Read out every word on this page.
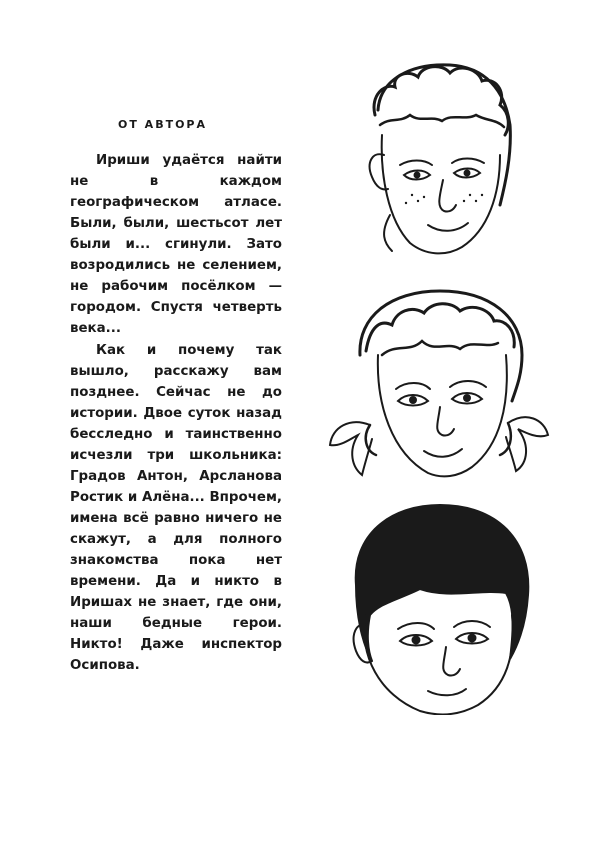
ОТ АВТОРА

Ириши удаётся найти не в каждом географическом атласе. Были, были, шестьсот лет были и... сгинули. Зато возродились не селением, не рабочим посёлком — городом. Спустя четверть века...

Как и почему так вышло, расскажу вам позднее. Сейчас не до истории. Двое суток назад бесследно и таинственно исчезли три школьника: Градов Антон, Арсланова Ростик и Алёна... Впрочем, имена всё равно ничего не скажут, а для полного знакомства пока нет времени. Да и никто в Иришах не знает, где они, наши бедные герои. Никто! Даже инспектор Осипова.
